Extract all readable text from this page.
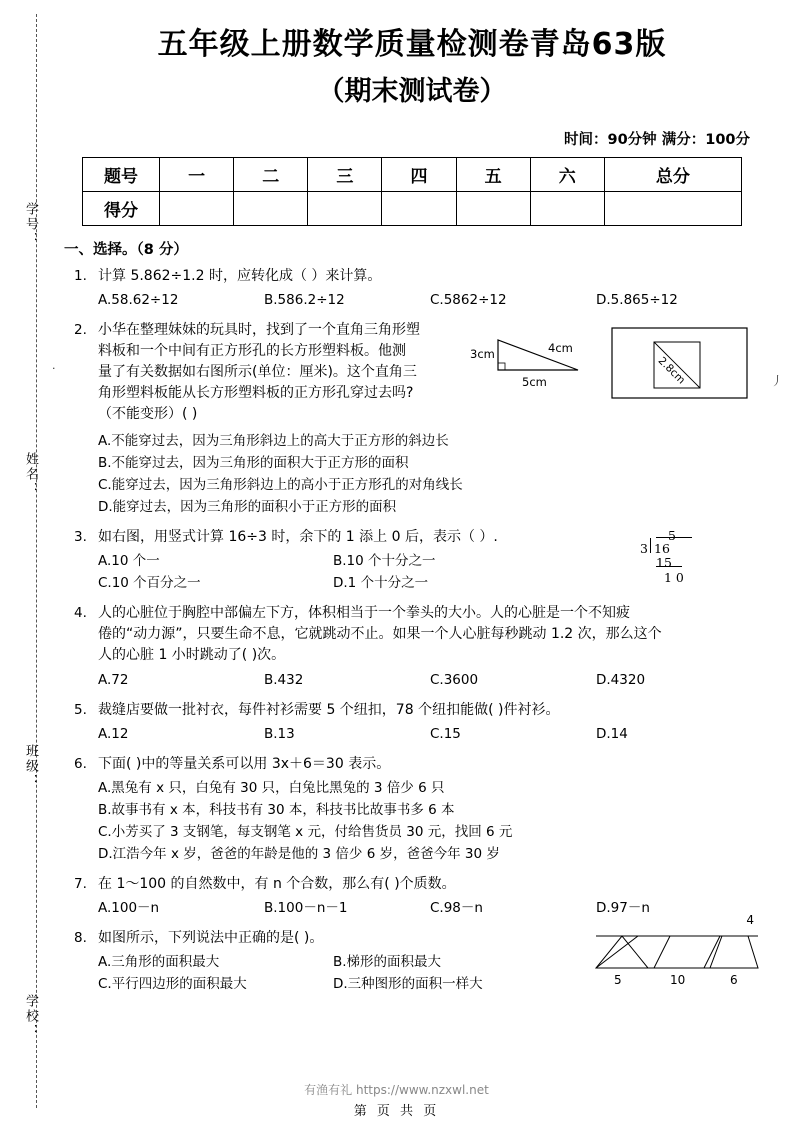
学号：
姓名：
班级：
学校：
五年级上册数学质量检测卷青岛63版
（期末测试卷）
时间：90分钟 满分：100分
题号	一	二	三	四	五	六	总分
得分							
一、选择。（8 分）
1. 计算 5.862÷1.2 时，应转化成（ ）来计算。
A.58.62÷12	B.586.2÷12	C.5862÷12	D.5.865÷12
2. 小华在整理妹妹的玩具时，找到了一个直角三角形塑
料板和一个中间有正方形孔的长方形塑料板。他测
量了有关数据如右图所示(单位：厘米)。这个直角三
角形塑料板能从长方形塑料板的正方形孔穿过去吗?
（不能变形）( )
3cm	4cm
5cm	2.8cm
A.不能穿过去，因为三角形斜边上的高大于正方形的斜边长
B.不能穿过去，因为三角形的面积大于正方形的面积
C.能穿过去，因为三角形斜边上的高小于正方形孔的对角线长
D.能穿过去，因为三角形的面积小于正方形的面积
3. 如右图，用竖式计算 16÷3 时，余下的 1 添上 0 后，表示（ ）.	5
3 16
15
1 0
A.10 个一	B.10 个十分之一
C.10 个百分之一	D.1 个十分之一
4. 人的心脏位于胸腔中部偏左下方，体积相当于一个拳头的大小。人的心脏是一个不知疲
倦的“动力源”，只要生命不息，它就跳动不止。如果一个人心脏每秒跳动 1.2 次，那么这个
人的心脏 1 小时跳动了( )次。
A.72	B.432	C.3600	D.4320
5. 裁缝店要做一批衬衣，每件衬衫需要 5 个纽扣，78 个纽扣能做( )件衬衫。
A.12	B.13	C.15	D.14
6. 下面( )中的等量关系可以用 3x＋6＝30 表示。
A.黑兔有 x 只，白兔有 30 只，白兔比黑兔的 3 倍少 6 只
B.故事书有 x 本，科技书有 30 本，科技书比故事书多 6 本
C.小芳买了 3 支钢笔，每支钢笔 x 元，付给售货员 30 元，找回 6 元
D.江浩今年 x 岁，爸爸的年龄是他的 3 倍少 6 岁，爸爸今年 30 岁
7. 在 1～100 的自然数中，有 n 个合数，那么有( )个质数。
A.100－n	B.100－n－1	C.98－n	D.97－n
8. 如图所示，下列说法中正确的是( )。
4
5	10	6
A.三角形的面积最大	B.梯形的面积最大
C.平行四边形的面积最大	D.三种图形的面积一样大
·
丿
有渔有礼 https://www.nzxwl.net
第 页 共 页
